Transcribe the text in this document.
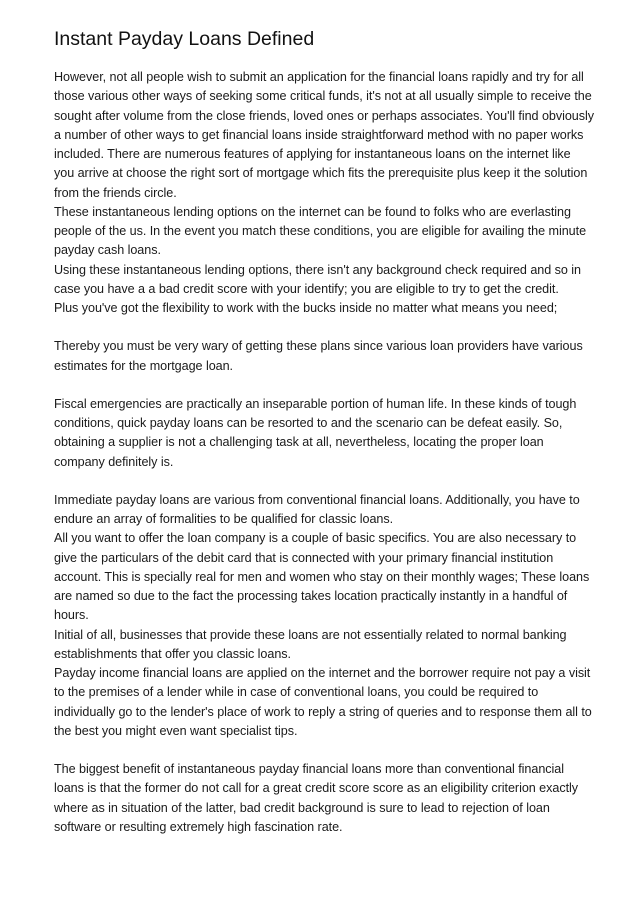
Instant Payday Loans Defined

However, not all people wish to submit an application for the financial loans rapidly and try for all those various other ways of seeking some critical funds, it's not at all usually simple to receive the sought after volume from the close friends, loved ones or perhaps associates. You'll find obviously a number of other ways to get financial loans inside straightforward method with no paper works included. There are numerous features of applying for instantaneous loans on the internet like you arrive at choose the right sort of mortgage which fits the prerequisite plus keep it the solution from the friends circle.

These instantaneous lending options on the internet can be found to folks who are everlasting people of the us. In the event you match these conditions, you are eligible for availing the minute payday cash loans.

Using these instantaneous lending options, there isn't any background check required and so in case you have a a bad credit score with your identify; you are eligible to try to get the credit.

Plus you've got the flexibility to work with the bucks inside no matter what means you need;

Thereby you must be very wary of getting these plans since various loan providers have various estimates for the mortgage loan.

Fiscal emergencies are practically an inseparable portion of human life. In these kinds of tough conditions, quick payday loans can be resorted to and the scenario can be defeat easily. So, obtaining a supplier is not a challenging task at all, nevertheless, locating the proper loan company definitely is.

Immediate payday loans are various from conventional financial loans. Additionally, you have to endure an array of formalities to be qualified for classic loans.

All you want to offer the loan company is a couple of basic specifics. You are also necessary to give the particulars of the debit card that is connected with your primary financial institution account. This is specially real for men and women who stay on their monthly wages; These loans are named so due to the fact the processing takes location practically instantly in a handful of hours.

Initial of all, businesses that provide these loans are not essentially related to normal banking establishments that offer you classic loans.

Payday income financial loans are applied on the internet and the borrower require not pay a visit to the premises of a lender while in case of conventional loans, you could be required to individually go to the lender's place of work to reply a string of queries and to response them all to the best you might even want specialist tips.

The biggest benefit of instantaneous payday financial loans more than conventional financial loans is that the former do not call for a great credit score score as an eligibility criterion exactly where as in situation of the latter, bad credit background is sure to lead to rejection of loan software or resulting extremely high fascination rate.
